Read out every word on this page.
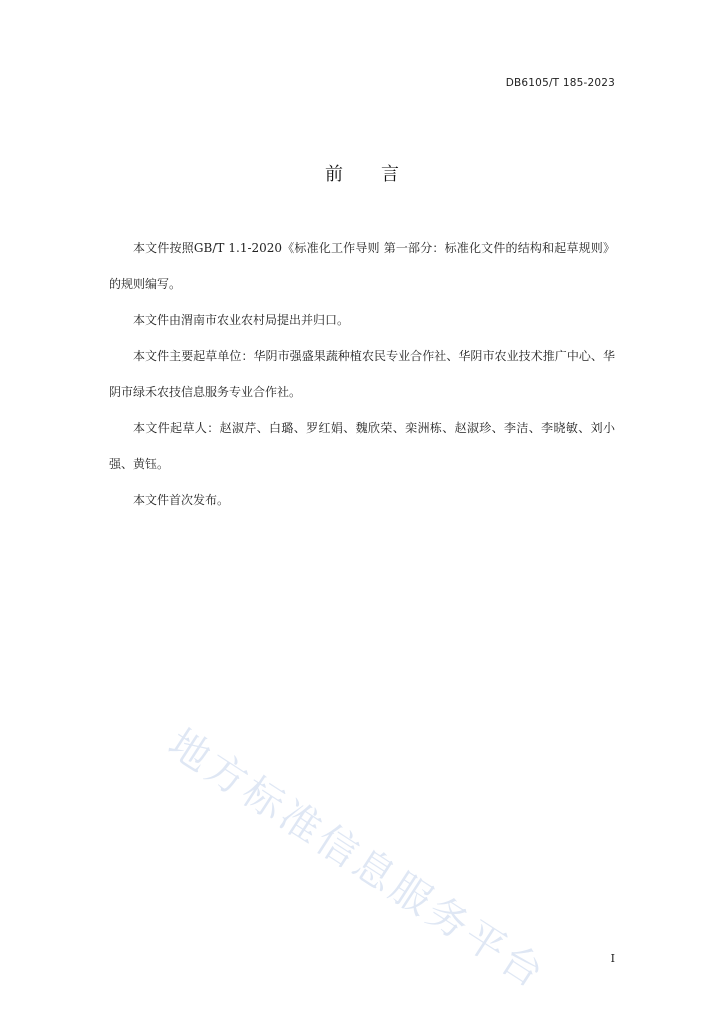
DB6105/T 185-2023
前言

本文件按照GB/T 1.1-2020《标准化工作导则 第一部分：标准化文件的结构和起草规则》的规则编写。

本文件由渭南市农业农村局提出并归口。

本文件主要起草单位：华阴市强盛果蔬种植农民专业合作社、华阴市农业技术推广中心、华阴市绿禾农技信息服务专业合作社。

本文件起草人：赵淑芹、白璐、罗红娟、魏欣荣、栾洲栋、赵淑珍、李洁、李晓敏、刘小强、黄钰。

本文件首次发布。

地方标准信息服务平台	I
